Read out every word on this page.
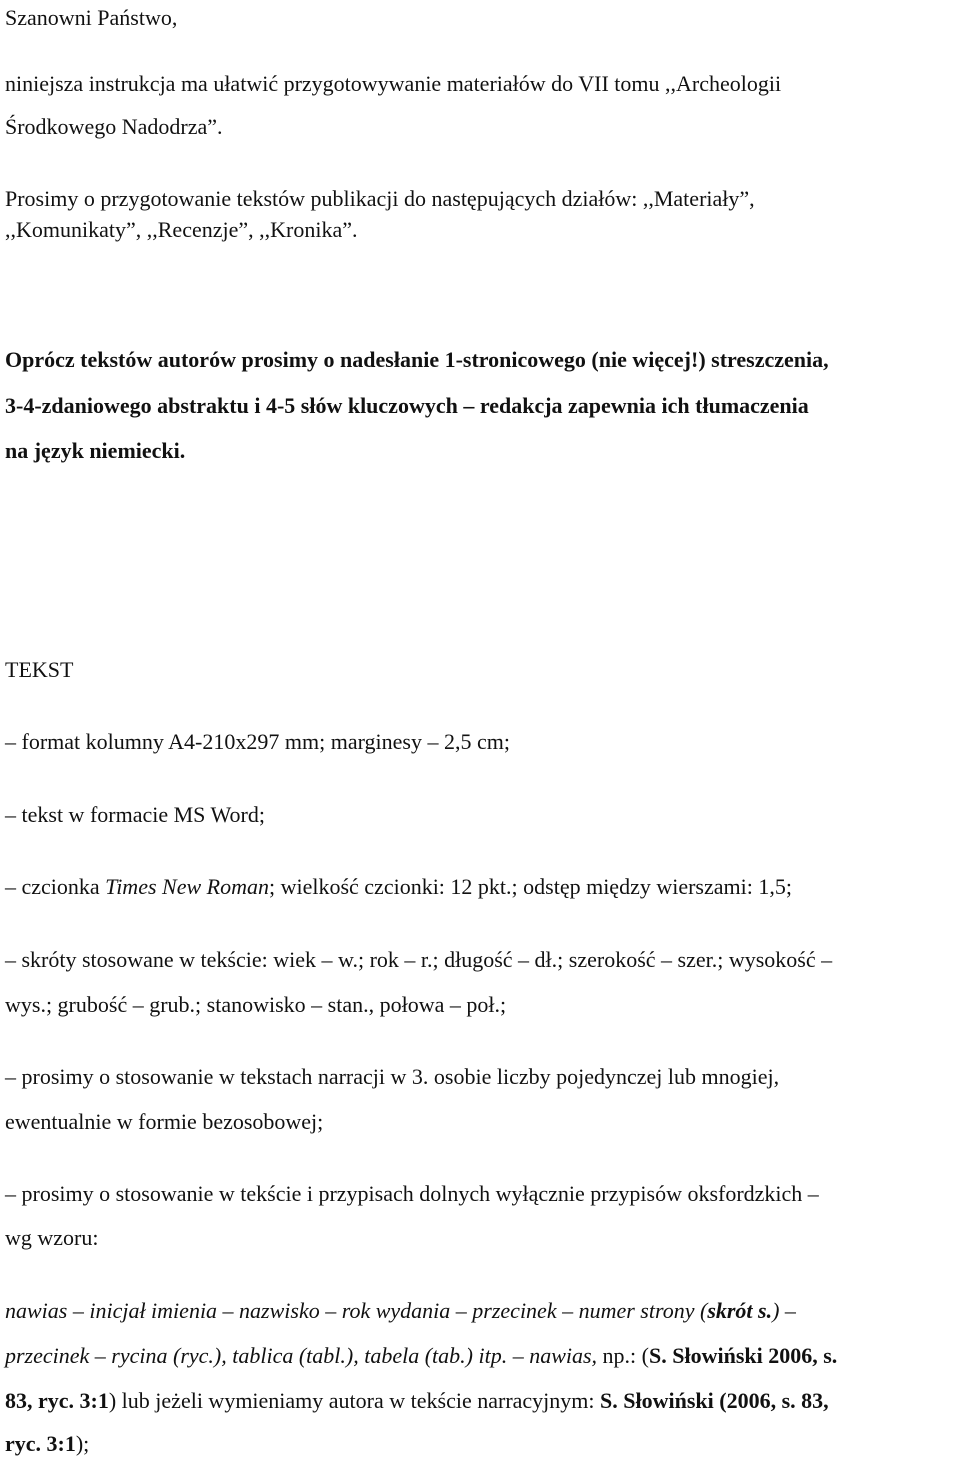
Szanowni Państwo,
niniejsza instrukcja ma ułatwić przygotowywanie materiałów do VII tomu ,,Archeologii
Środkowego Nadodrza”.
Prosimy o przygotowanie tekstów publikacji do następujących działów: ,,Materiały”,
,,Komunikaty”, ,,Recenzje”, ,,Kronika”.
Oprócz tekstów autorów prosimy o nadesłanie 1-stronicowego (nie więcej!) streszczenia,
3-4-zdaniowego abstraktu i 4-5 słów kluczowych – redakcja zapewnia ich tłumaczenia
na język niemiecki.
TEKST
– format kolumny A4-210x297 mm; marginesy – 2,5 cm;
– tekst w formacie MS Word;
– czcionka Times New Roman; wielkość czcionki: 12 pkt.; odstęp między wierszami: 1,5;
– skróty stosowane w tekście: wiek – w.; rok – r.; długość – dł.; szerokość – szer.; wysokość –
wys.; grubość – grub.; stanowisko – stan., połowa – poł.;
– prosimy o stosowanie w tekstach narracji w 3. osobie liczby pojedynczej lub mnogiej,
ewentualnie w formie bezosobowej;
– prosimy o stosowanie w tekście i przypisach dolnych wyłącznie przypisów oksfordzkich –
wg wzoru:
nawias – inicjał imienia – nazwisko – rok wydania – przecinek – numer strony (skrót s.) –
przecinek – rycina (ryc.), tablica (tabl.), tabela (tab.) itp. – nawias, np.: (S. Słowiński 2006, s.
83, ryc. 3:1) lub jeżeli wymieniamy autora w tekście narracyjnym: S. Słowiński (2006, s. 83,
ryc. 3:1);
